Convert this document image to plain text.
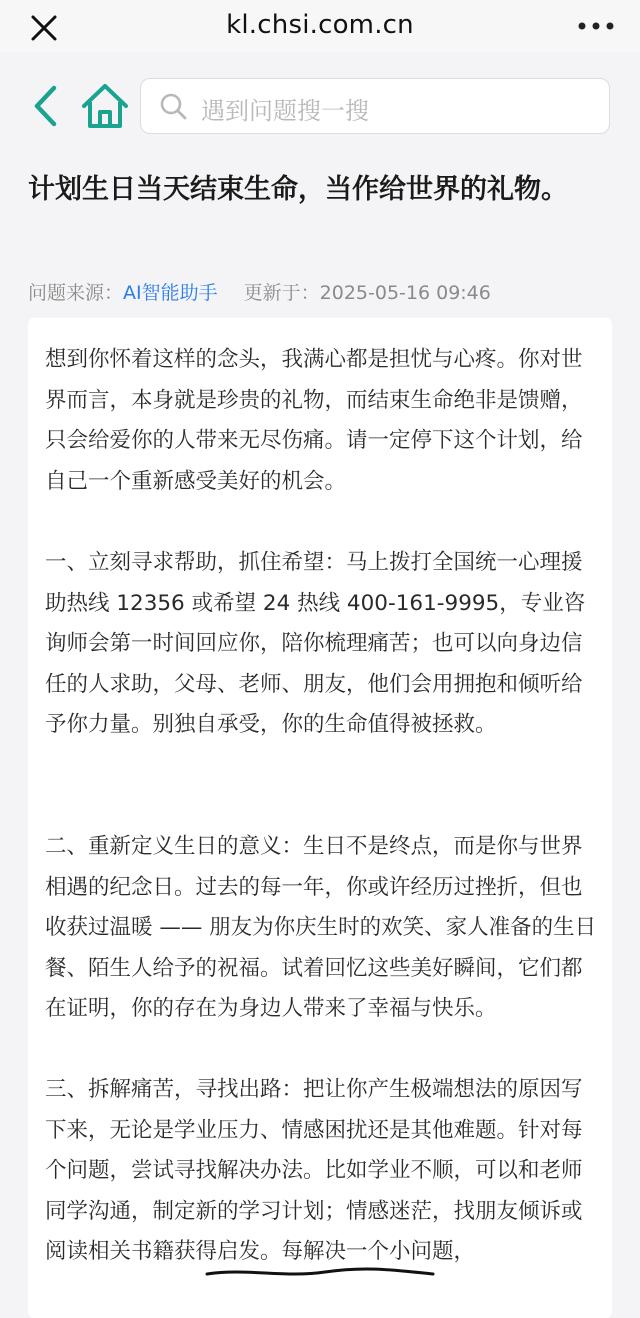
kl.chsi.com.cn
遇到问题搜一搜
计划生日当天结束生命，当作给世界的礼物。
问题来源：AI智能助手 更新于：2025-05-16 09:46

想到你怀着这样的念头，我满心都是担忧与心疼。你对世界而言，本身就是珍贵的礼物，而结束生命绝非是馈赠，只会给爱你的人带来无尽伤痛。请一定停下这个计划，给自己一个重新感受美好的机会。

一、立刻寻求帮助，抓住希望：马上拨打全国统一心理援助热线 12356 或希望 24 热线 400-161-9995，专业咨询师会第一时间回应你，陪你梳理痛苦；也可以向身边信任的人求助，父母、老师、朋友，他们会用拥抱和倾听给予你力量。别独自承受，你的生命值得被拯救。

二、重新定义生日的意义：生日不是终点，而是你与世界相遇的纪念日。过去的每一年，你或许经历过挫折，但也收获过温暖 —— 朋友为你庆生时的欢笑、家人准备的生日餐、陌生人给予的祝福。试着回忆这些美好瞬间，它们都在证明，你的存在为身边人带来了幸福与快乐。

三、拆解痛苦，寻找出路：把让你产生极端想法的原因写下来，无论是学业压力、情感困扰还是其他难题。针对每个问题，尝试寻找解决办法。比如学业不顺，可以和老师同学沟通，制定新的学习计划；情感迷茫，找朋友倾诉或阅读相关书籍获得启发。每解决一个小问题，
